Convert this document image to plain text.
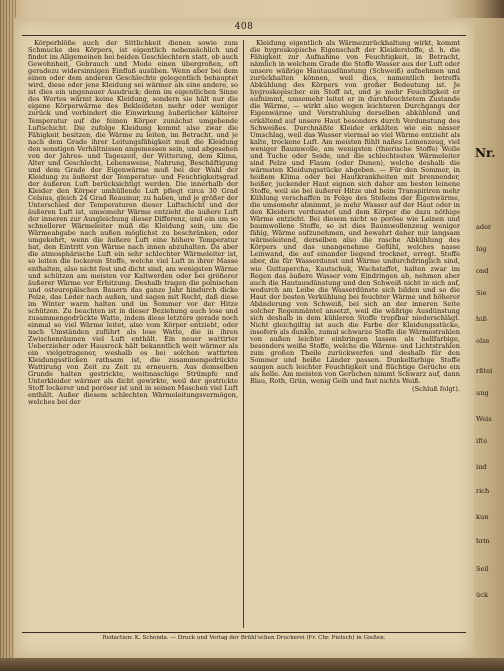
408

Körperblöße auch der Sittlichkeit dienen sowie zum Schmucke des Körpers, ist eigentlich nebensächlich und findet im Allgemeinen bei beiden Geschlechtern statt, ob auch Gewohnheit, Gebrauch und Mode einen übergroßen, oft geradezu widersinnigen Einfluß ausüben. Wenn aber bei dem einen oder dem anderen Geschlechte gelegentlich behauptet wird, diese oder jene Kleidung sei wärmer als eine andere, so ist dies ein ungenauer Ausdruck; denn im eigentlichen Sinne des Wortes wärmt keine Kleidung, sondern sie hält nur die eigene Körperwärme des Bekleideten mehr oder weniger zurück und verhindert die Einwirkung äußerlicher kälterer Temperatur auf die feinen Körper zunächst umgebende Luftschicht. Die zufolge Kleidung kommt also zwar die Fähigkeit besitzen, die Wärme zu leiten, im Betracht, und je nach dem Grade ihrer Leitungsfähigkeit muß die Kleidung den sonstigen Verhältnissen angemessen sein, und abgesehen von der Jahres- und Tageszeit, der Witterung, dem Klima, Alter und Geschlecht, Lebensweise, Nahrung, Beschäftigung und dem Grade der Eigenwärme muß bei der Wahl der Kleidung zu äußerst der Temperatur- und Feuchtigkeitsgrad der äußeren Luft berücksichtigt werden. Die innerhalb der Kleider den Körper umhüllende Luft pflegt circa 30 Grad Celsius, gleich 24 Grad Reaumur, zu haben, und je größer der Unterschied der Temperaturen dieser Luftschicht und der äußeren Luft ist, umsomehr Wärme entzieht die äußere Luft der inneren zur Ausgleichung dieser Differenz, und ein um so schnellerer Wärmeleiter muß die Kleidung sein, um die Wärmeabgabe nach außen möglichst zu beschränken, oder umgekehrt, wenn die äußere Luft eine höhere Temperatur hat, den Eintritt von Wärme nach innen abzuhalten. Da aber die atmosphärische Luft ein sehr schlechter Wärmeleiter ist, so leiten die lockeren Stoffe, welche viel Luft in ihrer Masse enthalten, also nicht fest und dicht sind, am wenigsten Wärme und schützen am meisten vor Kaltwerden oder bei größerer äußerer Wärme vor Erhitzung. Deshalb tragen die polnischen und osteuropäischen Bauern das ganze Jahr hindurch dicke Pelze, das Leder nach außen, und sagen mit Recht, daß diese im Winter warm halten und im Sommer vor der Hitze schützen. Zu beachten ist in dieser Beziehung auch lose und zusammengedrückte Watte, indem diese letztere gerade noch einmal so viel Wärme leitet, also vom Körper entzieht, oder nach Umständen zuführt als lose Watte, die in ihren Zwischenräumen viel Luft enthält. Ein neuer wattirter Ueberzieher oder Hausrock hält bekanntlich weit wärmer als ein vielgetragener, weshalb es bei solchen wattirten Kleidungsstücken rathsam ist, die zusammengedrückte Wattirung von Zeit zu Zeit zu erneuern. Aus demselben Grunde halten gestrickte, weitmaschige Strümpfe und Unterkleider wärmer als dicht gewirkte, weil der gestrickte Stoff lockerer und poröser ist und in seinen Maschen viel Luft enthält. Außer diesem schlechten Wärmeleitungsvermögen, welches bei der

Kleidung eigentlich als Wärmezurückhaltung wirkt, kommt die hygroskopische Eigenschaft der Kleiderstoffe, d. h. die Fähigkeit zur Aufnahme von Feuchtigkeit, in Betracht, nämlich in welchem Grade die Stoffe Wasser aus der Luft oder unsere wäßrige Hautausdünstung (Schweiß) aufnehmen und zurückhalten können, weil dies, namentlich betreffs Abkühlung des Körpers von großer Bedeutung ist. Je hygroskopischer ein Stoff ist, und je mehr Feuchtigkeit er aufnimmt, umsomehr leitet er in durchfeuchtetem Zustande die Wärme, — wirkt also wegen leichteren Durchgangs der Eigenwärme und Verstrahlung derselben abkühlend und erkältend auf unsere Haut besonders durch Verdunstung des Schweißes. Durchnäßte Kleider erkälten wie ein nasser Umschlag, weil das Wasser viermal so viel Wärme entzieht als kalte, trockene Luft. Am meisten fühlt naßes Leinenzeug, viel weniger Baumwolle, am wenigsten (thierische Stoffe) Wolle und Tuche oder Seide, und die schlechtesten Wärmeleiter sind Pelze und Flaum (oder Dunen), welche deshalb die wärmsten Kleidungsstücke abgeben. — Für den Sommer, in heißem Klima oder bei Hautkrankheiten mit brennender, heißer, juckender Haut eignen sich daher am besten leinene Stoffe, weil sie bei äußerer Hitze und beim Transpiriren mehr Kühlung verschaffen in Folge des Stehens der Eigenwärme, die umsomehr abnimmt, je mehr Wasser auf der Haut oder in den Kleidern verdunstet und dem Körper die dazu nöthige Wärme entzieht. Bei diesem nicht so poröse wie Leinen und baumwollene Stoffe, so ist dies Baumwollenzeug weniger fähig, Wärme aufzunehmen, und bewahrt daher nur langsam wärmeleitend, derselben also die rasche Abkühlung des Körpers und das unangenehme Gefühl, welches nasse Leinwand, die auf einander liegend trocknet, erregt. Stoffe aber, die für Wasserdunst und Wärme undurchdringlich sind, wie Guttapercha, Kautschuk, Wachstaffet, halten zwar im Regen das äußere Wasser vom Eindringen ab, nehmen aber auch die Hautausdünstung und den Schweiß nicht in sich auf, wodurch am Leibe die Wasserdünste sich bilden und so die Haut der besten Verkühlung bei feuchter Wärme und höherer Abänderung von Schweiß, bei sich an der inneren Seite solcher Regenmäntel ansetzt, weil die wäßrige Ausdünstung sich deshalb in dem kühleren Stoffe tropfbar niederschlägt. Nicht gleichgiltig ist auch die Farbe der Kleidungsstücke, insofern als dunkle, zumal schwarze Stoffe die Wärmestrahlen von außen leichter einbringen lassen als hellfarbige, besonders weiße Stoffe, welche die Wärme- und Lichtstrahlen zum großen Theile zurückwerfen und deshalb für den Sommer und heiße Länder passen. Dunkelfarbige Stoffe saugen auch leichter Feuchtigkeit und flüchtige Gerüche ein als helle. Am meisten von Gerüchen nimmt Schwarz auf, dann Blau, Roth, Grün, wenig Gelb und fast nichts Weiß.

(Schluß folgt).

Redaction: K. Schenda. — Druck und Verlag der Brühl'schen Druckerei (Fr. Chr. Pietsch) in Gießen.
Nr.
ader
hig
ond
Sie
hiß
olze
rßtei
ung
Weis
ifte
ind
rich
kun
hrin
Seil
ück
